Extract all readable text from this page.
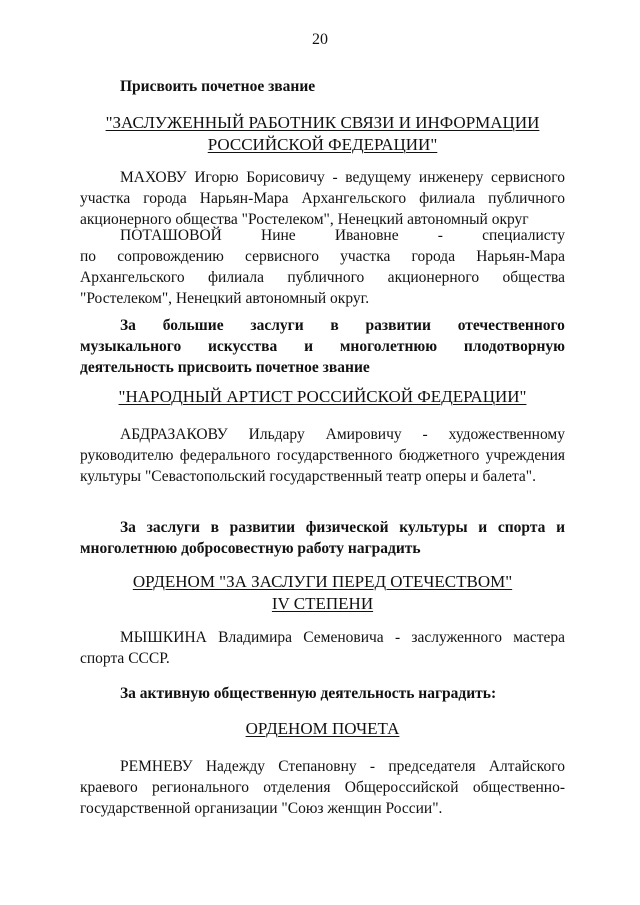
20
Присвоить почетное звание
"ЗАСЛУЖЕННЫЙ РАБОТНИК СВЯЗИ И ИНФОРМАЦИИ
РОССИЙСКОЙ ФЕДЕРАЦИИ"
МАХОВУ Игорю Борисовичу - ведущему инженеру сервисного участка города Нарьян-Мара Архангельского филиала публичного акционерного общества "Ростелеком", Ненецкий автономный округ
ПОТАШОВОЙ	Нине	Ивановне	-	специалисту
по сопровождению сервисного участка города Нарьян-Мара Архангельского филиала публичного акционерного общества "Ростелеком", Ненецкий автономный округ.
За большие заслуги в развитии отечественного
музыкального искусства и многолетнюю плодотворную
деятельность присвоить почетное звание
"НАРОДНЫЙ АРТИСТ РОССИЙСКОЙ ФЕДЕРАЦИИ"
АБДРАЗАКОВУ Ильдару Амировичу - художественному руководителю федерального государственного бюджетного учреждения культуры "Севастопольский государственный театр оперы и балета".
За заслуги в развитии физической культуры и спорта и многолетнюю добросовестную работу наградить
ОРДЕНОМ "ЗА ЗАСЛУГИ ПЕРЕД ОТЕЧЕСТВОМ"
IV СТЕПЕНИ
МЫШКИНА Владимира Семеновича - заслуженного мастера спорта СССР.
За активную общественную деятельность наградить:
ОРДЕНОМ ПОЧЕТА
РЕМНЕВУ Надежду Степановну - председателя Алтайского краевого регионального отделения Общероссийской общественно-государственной организации "Союз женщин России".
